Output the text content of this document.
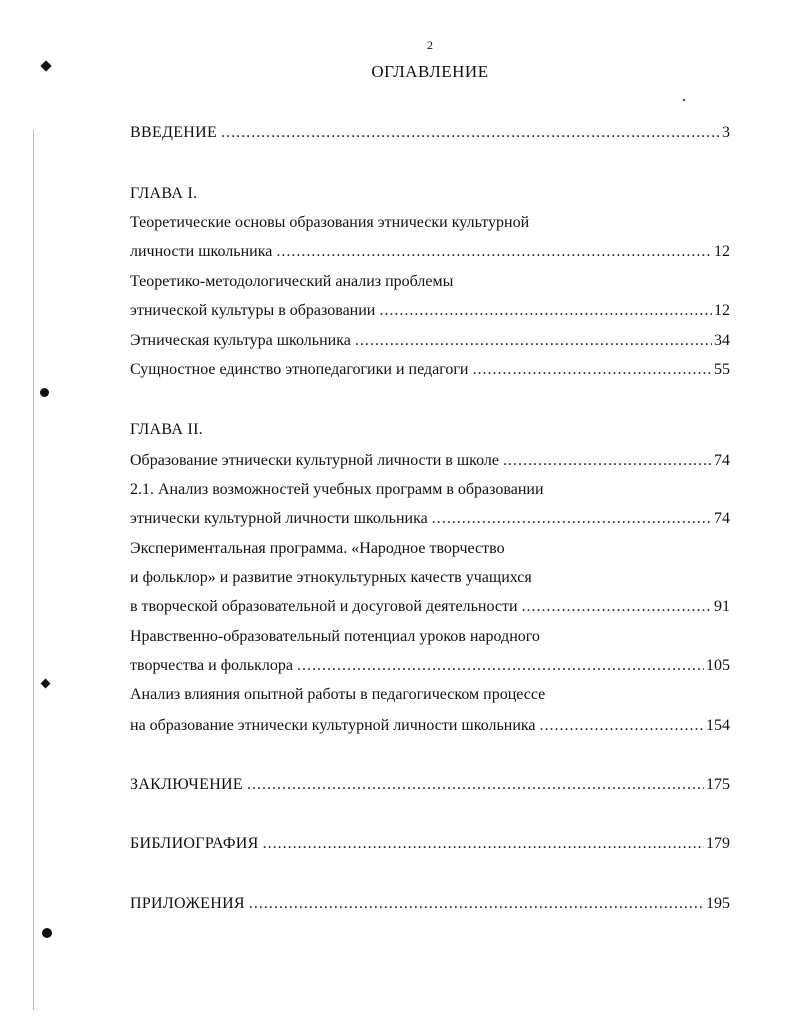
2
ОГЛАВЛЕНИЕ
ВВЕДЕНИЕ .....	3
ГЛАВА I.
Теоретические основы образования этнически культурной
личности школьника .....	12
Теоретико-методологический анализ проблемы
этнической культуры в образовании .....	12
Этническая культура школьника .....	34
Сущностное единство этнопедагогики и педагоги .....	55
ГЛАВА II.
Образование этнически культурной личности в школе .....	74
2.1. Анализ возможностей учебных программ в образовании
этнически культурной личности школьника .....	74
Экспериментальная программа. «Народное творчество
и фольклор» и развитие этнокультурных качеств учащихся
в творческой образовательной и досуговой деятельности .....	91
Нравственно-образовательный потенциал уроков народного
творчества и фольклора .....	105
Анализ влияния опытной работы в педагогическом процессе
на образование этнически культурной личности школьника .....	154
ЗАКЛЮЧЕНИЕ .....	175
БИБЛИОГРАФИЯ .....	179
ПРИЛОЖЕНИЯ .....	195
